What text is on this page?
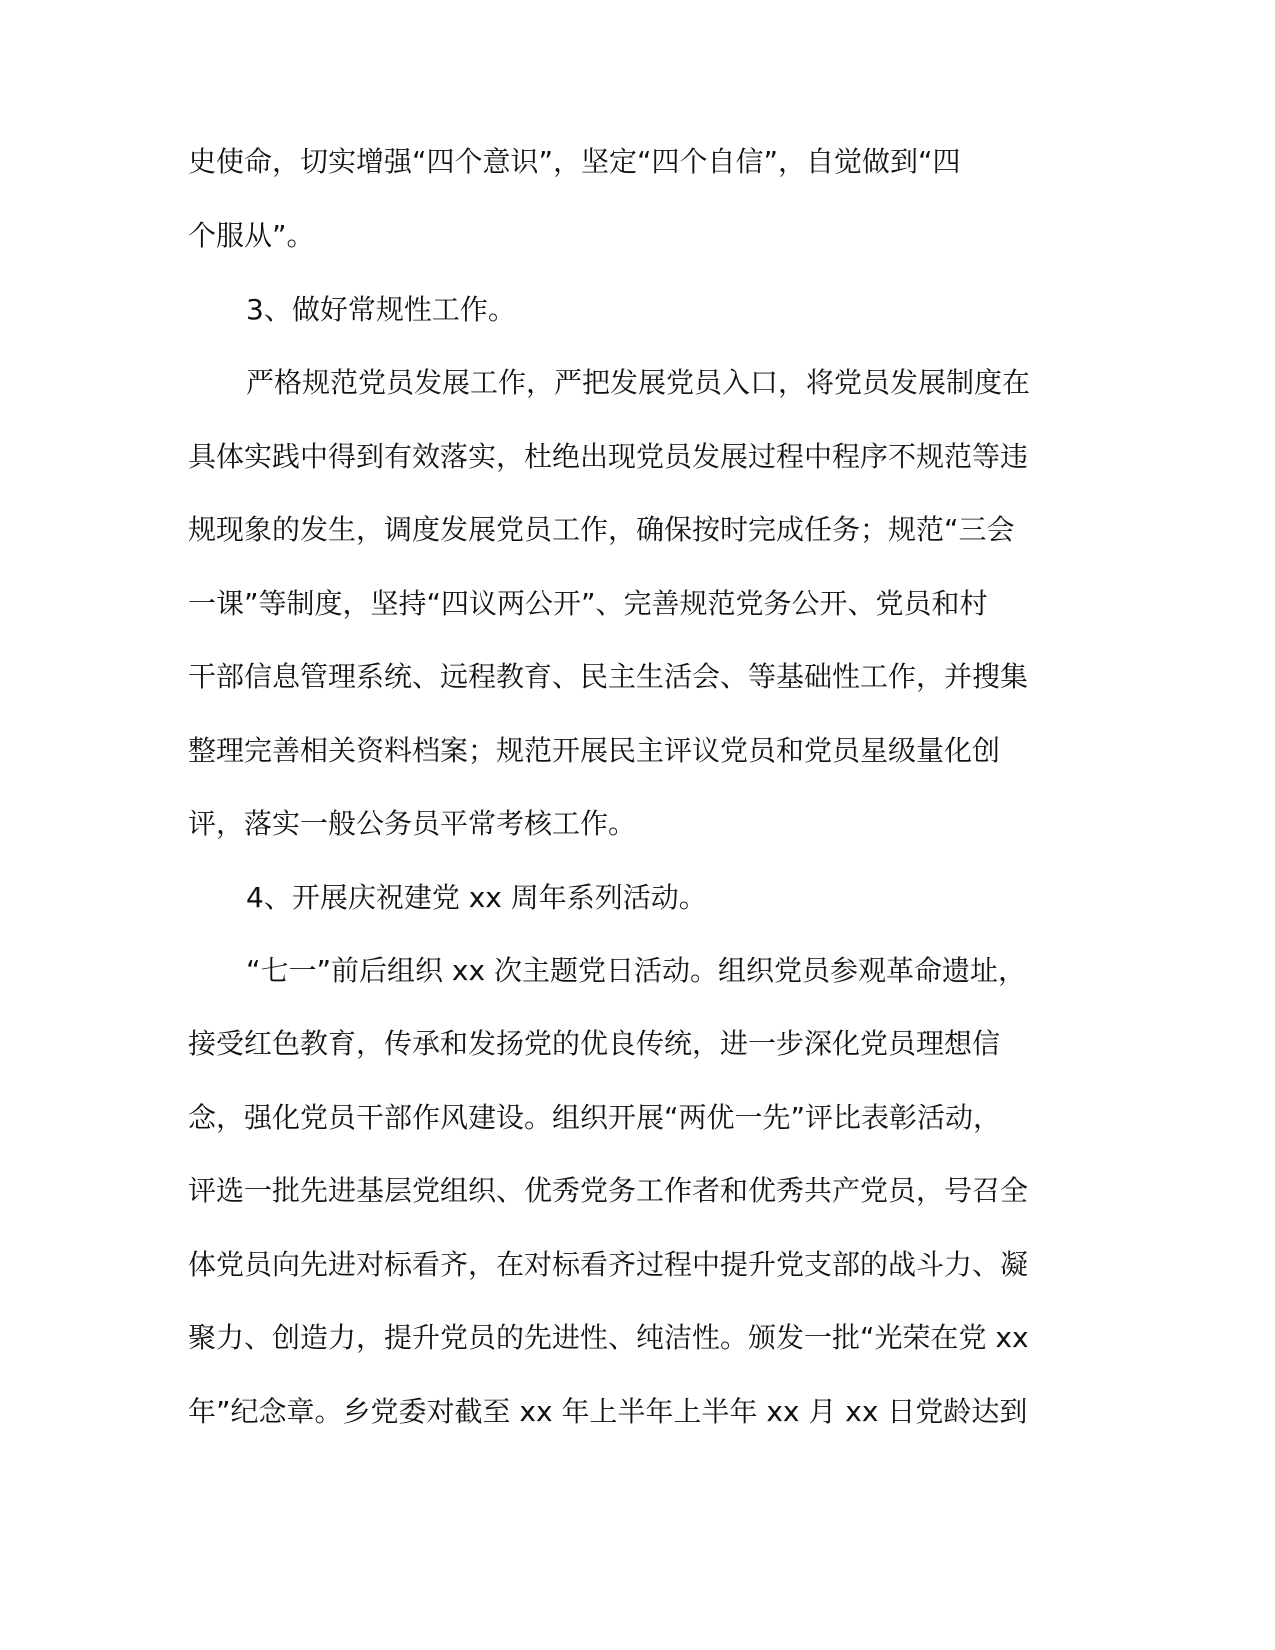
史使命，切实增强“四个意识”，坚定“四个自信”，自觉做到“四
个服从”。
3、做好常规性工作。
严格规范党员发展工作，严把发展党员入口，将党员发展制度在
具体实践中得到有效落实，杜绝出现党员发展过程中程序不规范等违
规现象的发生，调度发展党员工作，确保按时完成任务；规范“三会
一课”等制度，坚持“四议两公开”、完善规范党务公开、党员和村
干部信息管理系统、远程教育、民主生活会、等基础性工作，并搜集
整理完善相关资料档案；规范开展民主评议党员和党员星级量化创
评，落实一般公务员平常考核工作。
4、开展庆祝建党 xx 周年系列活动。
“七一”前后组织 xx 次主题党日活动。组织党员参观革命遗址，
接受红色教育，传承和发扬党的优良传统，进一步深化党员理想信
念，强化党员干部作风建设。组织开展“两优一先”评比表彰活动，
评选一批先进基层党组织、优秀党务工作者和优秀共产党员，号召全
体党员向先进对标看齐，在对标看齐过程中提升党支部的战斗力、凝
聚力、创造力，提升党员的先进性、纯洁性。颁发一批“光荣在党 xx
年”纪念章。乡党委对截至 xx 年上半年上半年 xx 月 xx 日党龄达到
